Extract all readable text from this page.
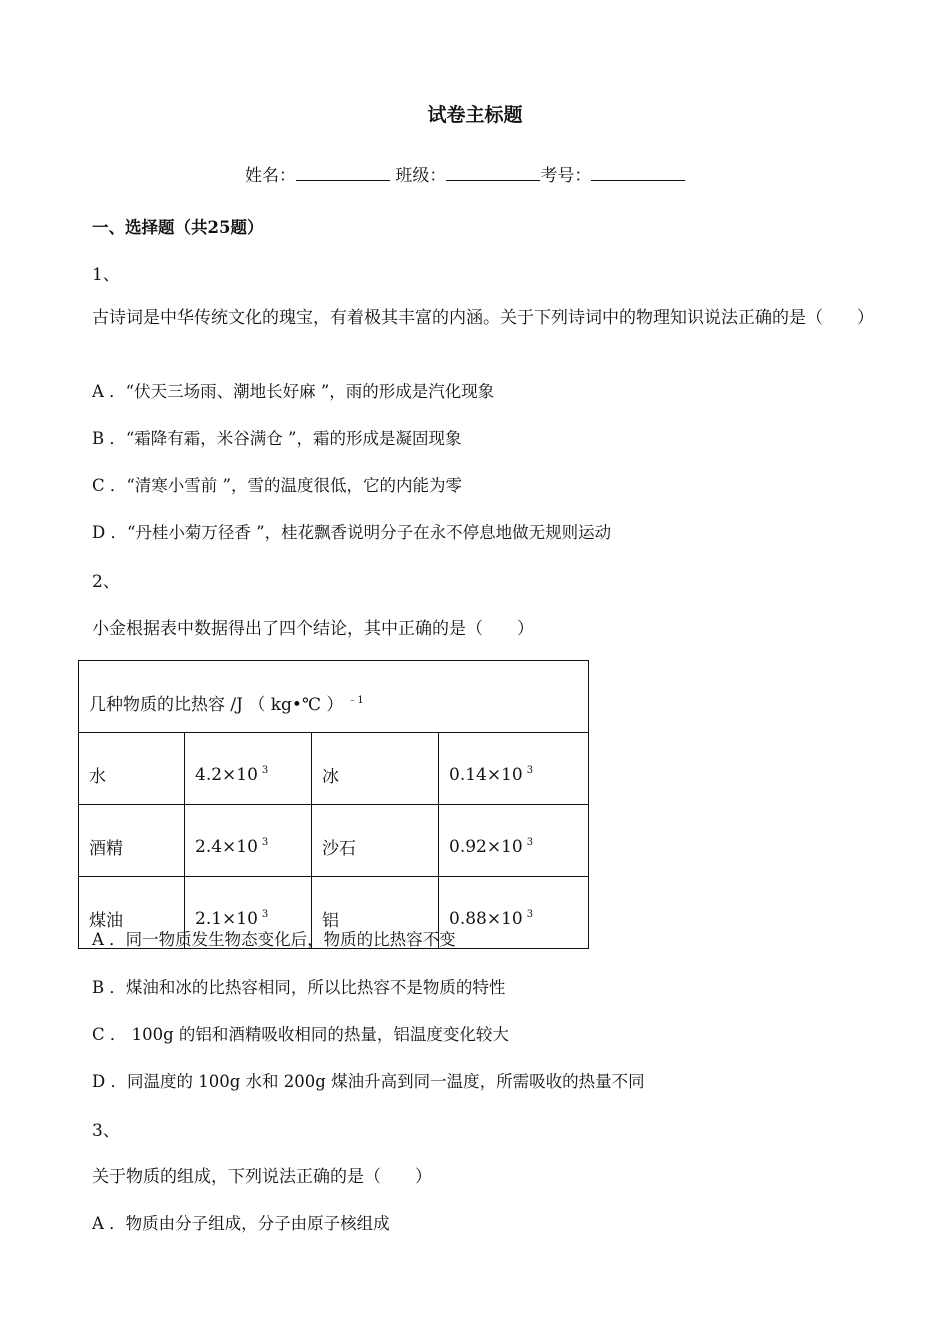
试卷主标题
姓名：	班级：	考号：
一、选择题（共25题）
1、
古诗词是中华传统文化的瑰宝，有着极其丰富的内涵。关于下列诗词中的物理知识说法正确的是（　　）
A ．“伏天三场雨、潮地长好麻 ”，雨的形成是汽化现象
B ．“霜降有霜，米谷满仓 ”，霜的形成是凝固现象
C ．“清寒小雪前 ”，雪的温度很低，它的内能为零
D ．“丹桂小菊万径香 ”，桂花飘香说明分子在永不停息地做无规则运动
2、
小金根据表中数据得出了四个结论，其中正确的是（　　）
几种物质的比热容 /J （ kg•℃ ） $^{﹣1}$
水	4.2×10 $^3$	冰	0.14×10 $^3$
酒精	2.4×10 $^3$	沙石	0.92×10 $^3$
煤油	2.1×10 $^3$	铝	0.88×10 $^3$
A ．同一物质发生物态变化后，物质的比热容不变
B ．煤油和冰的比热容相同，所以比热容不是物质的特性
C ． 100g 的铝和酒精吸收相同的热量，铝温度变化较大
D ．同温度的 100g 水和 200g 煤油升高到同一温度，所需吸收的热量不同
3、
关于物质的组成，下列说法正确的是（　　）
A ．物质由分子组成，分子由原子核组成
